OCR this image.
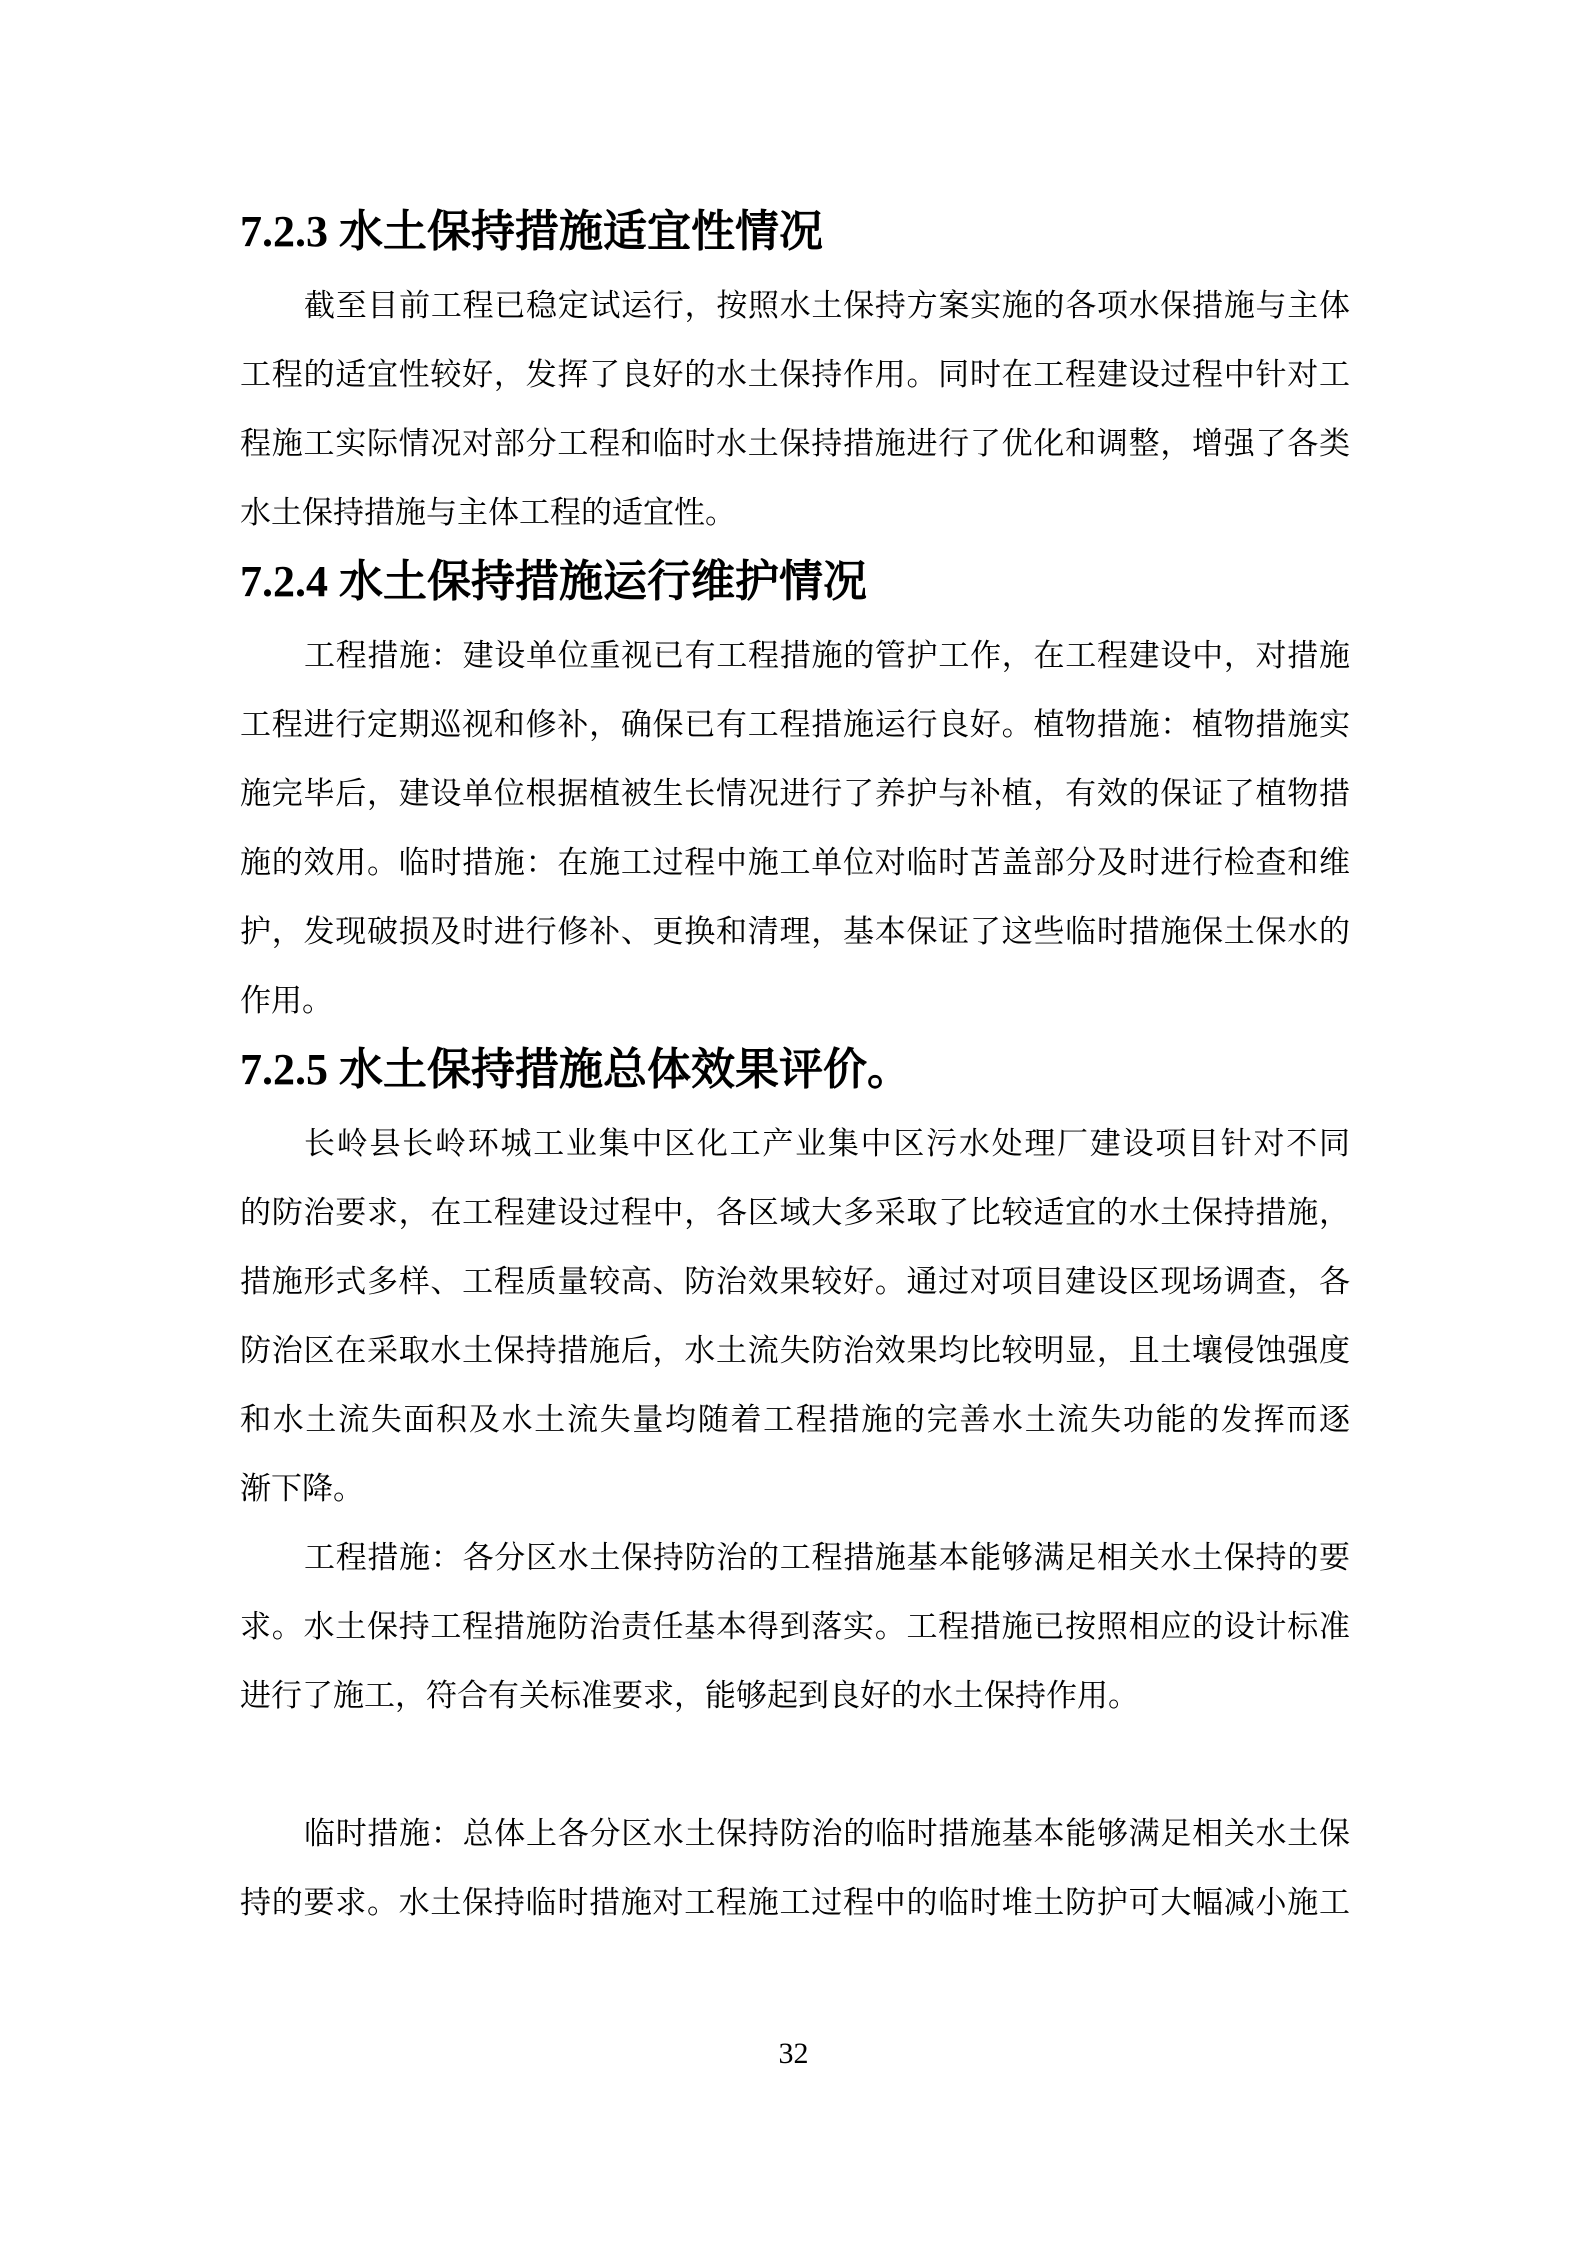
7.2.3 水土保持措施适宜性情况
截至目前工程已稳定试运行，按照水土保持方案实施的各项水保措施与主体
工程的适宜性较好，发挥了良好的水土保持作用。同时在工程建设过程中针对工
程施工实际情况对部分工程和临时水土保持措施进行了优化和调整，增强了各类
水土保持措施与主体工程的适宜性。
7.2.4 水土保持措施运行维护情况
工程措施：建设单位重视已有工程措施的管护工作，在工程建设中，对措施
工程进行定期巡视和修补，确保已有工程措施运行良好。植物措施：植物措施实
施完毕后，建设单位根据植被生长情况进行了养护与补植，有效的保证了植物措
施的效用。临时措施：在施工过程中施工单位对临时苫盖部分及时进行检查和维
护，发现破损及时进行修补、更换和清理，基本保证了这些临时措施保土保水的
作用。
7.2.5 水土保持措施总体效果评价。
长岭县长岭环城工业集中区化工产业集中区污水处理厂建设项目针对不同
的防治要求，在工程建设过程中，各区域大多采取了比较适宜的水土保持措施，
措施形式多样、工程质量较高、防治效果较好。通过对项目建设区现场调查，各
防治区在采取水土保持措施后，水土流失防治效果均比较明显，且土壤侵蚀强度
和水土流失面积及水土流失量均随着工程措施的完善水土流失功能的发挥而逐
渐下降。
工程措施：各分区水土保持防治的工程措施基本能够满足相关水土保持的要
求。水土保持工程措施防治责任基本得到落实。工程措施已按照相应的设计标准
进行了施工，符合有关标准要求，能够起到良好的水土保持作用。
临时措施：总体上各分区水土保持防治的临时措施基本能够满足相关水土保
持的要求。水土保持临时措施对工程施工过程中的临时堆土防护可大幅减小施工
32
